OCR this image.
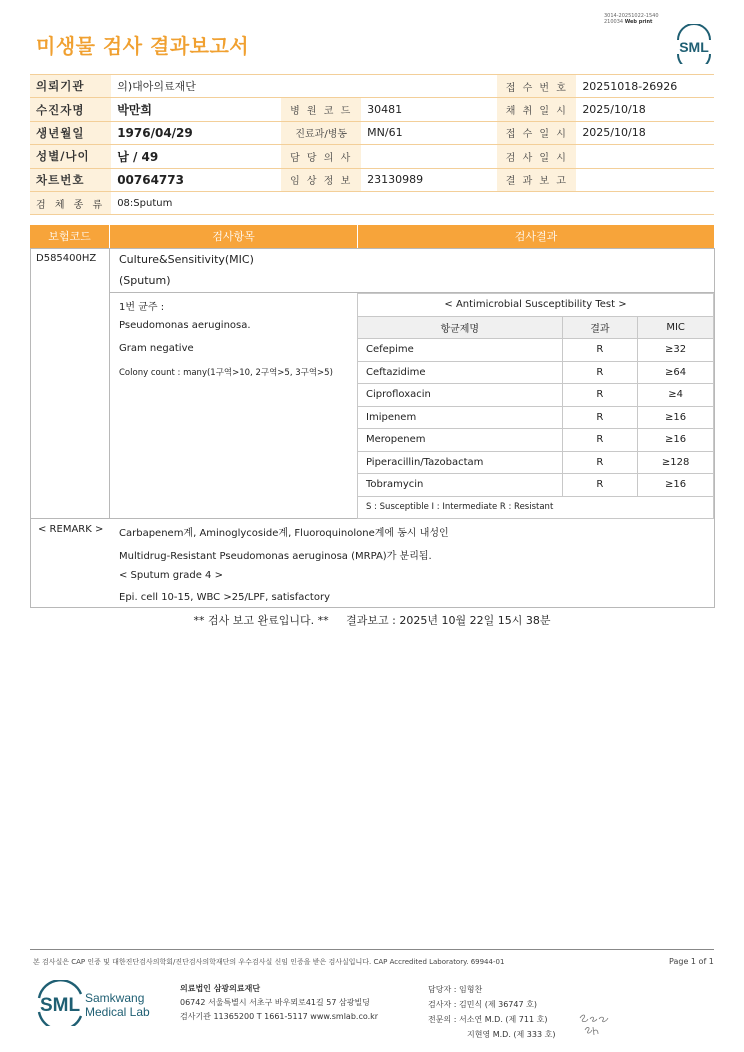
3014-20251022-1540
210034 Web print
미생물 검사 결과보고서	SML
의뢰기관	의)대아의료재단			접 수 번 호	20251018-26926
수진자명	박만희	병 원 코 드	30481	채 취 일 시	2025/10/18
생년월일	1976/04/29	진료과/병동	MN/61	접 수 일 시	2025/10/18
성별/나이	남 / 49	담 당 의 사		검 사 일 시	
차트번호	00764773	임 상 정 보	23130989	결 과 보 고	
검 체 종 류	08:Sputum				
보험코드	검사항목	검사결과
D585400HZ Culture&Sensitivity(MIC)
(Sputum)
1번 균주 :
Pseudomonas aeruginosa.
Gram negative
Colony count : many(1구역>10, 2구역>5, 3구역>5)
< Antimicrobial Susceptibility Test >		
항균제명	결과	MIC
Cefepime	R	≥32
Ceftazidime	R	≥64
Ciprofloxacin	R	≥4
Imipenem	R	≥16
Meropenem	R	≥16
Piperacillin/Tazobactam	R	≥128
Tobramycin	R	≥16
S : Susceptible I : Intermediate R : Resistant		
< REMARK > Carbapenem계, Aminoglycoside계, Fluoroquinolone계에 동시 내성인
Multidrug-Resistant Pseudomonas aeruginosa (MRPA)가 분리됨.
< Sputum grade 4 >
Epi. cell 10-15, WBC >25/LPF, satisfactory
** 검사 보고 완료입니다. **     결과보고 : 2025년 10월 22일 15시 38분
본 검사실은 CAP 인증 및 대한진단검사의학회/진단검사의학재단의 우수검사실 신임 인증을 받은 검사실입니다. CAP Accredited Laboratory. 69944-01	Page 1 of 1
SML Samkwang
Medical Lab
의료법인 삼광의료재단
06742 서울특별시 서초구 바우뫼로41길 57 삼광빌딩
검사기관 11365200 T 1661-5117 www.smlab.co.kr
담당자 : 임형찬
검사자 : 김민식 (제 36747 호)
전문의 : 서소연 M.D. (제 711 호)
지현영 M.D. (제 333 호)
